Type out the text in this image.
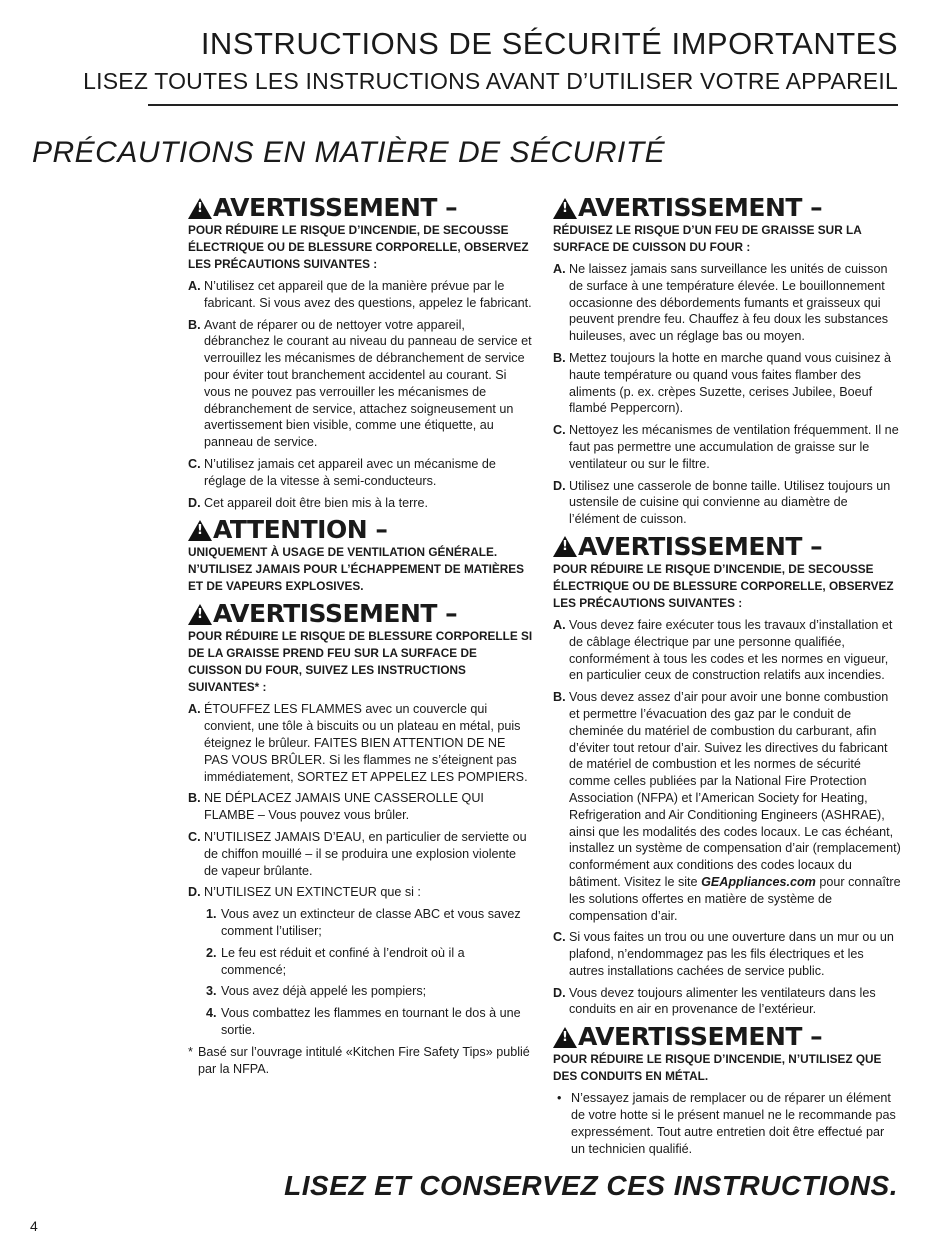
INSTRUCTIONS DE SÉCURITÉ IMPORTANTES
LISEZ TOUTES LES INSTRUCTIONS AVANT D’UTILISER VOTRE APPAREIL
PRÉCAUTIONS EN MATIÈRE DE SÉCURITÉ
!
AVERTISSEMENT –
POUR RÉDUIRE LE RISQUE D’INCENDIE, DE SECOUSSE ÉLECTRIQUE OU DE BLESSURE CORPORELLE, OBSERVEZ LES PRÉCAUTIONS SUIVANTES :
A. N’utilisez cet appareil que de la manière prévue par le fabricant. Si vous avez des questions, appelez le fabricant.
B. Avant de réparer ou de nettoyer votre appareil, débranchez le courant au niveau du panneau de service et verrouillez les mécanismes de débranchement de service pour éviter tout branchement accidentel au courant. Si vous ne pouvez pas verrouiller les mécanismes de débranchement de service, attachez soigneusement un avertissement bien visible, comme une étiquette, au panneau de service.
C. N’utilisez jamais cet appareil avec un mécanisme de réglage de la vitesse à semi-conducteurs.
D. Cet appareil doit être bien mis à la terre.
!
ATTENTION –
UNIQUEMENT À USAGE DE VENTILATION GÉNÉRALE. N’UTILISEZ JAMAIS POUR L’ÉCHAPPEMENT DE MATIÈRES ET DE VAPEURS EXPLOSIVES.
!
AVERTISSEMENT –
POUR RÉDUIRE LE RISQUE DE BLESSURE CORPORELLE SI DE LA GRAISSE PREND FEU SUR LA SURFACE DE CUISSON DU FOUR, SUIVEZ LES INSTRUCTIONS SUIVANTES* :
A. ÉTOUFFEZ LES FLAMMES avec un couvercle qui convient, une tôle à biscuits ou un plateau en métal, puis éteignez le brûleur. FAITES BIEN ATTENTION DE NE PAS VOUS BRÛLER. Si les flammes ne s’éteignent pas immédiatement, SORTEZ ET APPELEZ LES POMPIERS.
B. NE DÉPLACEZ JAMAIS UNE CASSEROLLE QUI FLAMBE – Vous pouvez vous brûler.
C. N’UTILISEZ JAMAIS D’EAU, en particulier de serviette ou de chiffon mouillé – il se produira une explosion violente de vapeur brûlante.
D. N’UTILISEZ UN EXTINCTEUR que si :
1. Vous avez un extincteur de classe ABC et vous savez comment l’utiliser;
2. Le feu est réduit et confiné à l’endroit où il a commencé;
3. Vous avez déjà appelé les pompiers;
4. Vous combattez les flammes en tournant le dos à une sortie.
* Basé sur l’ouvrage intitulé «Kitchen Fire Safety Tips» publié par la NFPA.
!
AVERTISSEMENT –
RÉDUISEZ LE RISQUE D’UN FEU DE GRAISSE SUR LA SURFACE DE CUISSON DU FOUR :
A. Ne laissez jamais sans surveillance les unités de cuisson de surface à une température élevée. Le bouillonnement occasionne des débordements fumants et graisseux qui peuvent prendre feu. Chauffez à feu doux les substances huileuses, avec un réglage bas ou moyen.
B. Mettez toujours la hotte en marche quand vous cuisinez à haute température ou quand vous faites flamber des aliments (p. ex. crèpes Suzette, cerises Jubilee, Boeuf flambé Peppercorn).
C. Nettoyez les mécanismes de ventilation fréquemment. Il ne faut pas permettre une accumulation de graisse sur le ventilateur ou sur le filtre.
D. Utilisez une casserole de bonne taille. Utilisez toujours un ustensile de cuisine qui convienne au diamètre de l’élément de cuisson.
!
AVERTISSEMENT –
POUR RÉDUIRE LE RISQUE D’INCENDIE, DE SECOUSSE ÉLECTRIQUE OU DE BLESSURE CORPORELLE, OBSERVEZ LES PRÉCAUTIONS SUIVANTES :
A. Vous devez faire exécuter tous les travaux d’installation et de câblage électrique par une personne qualifiée, conformément à tous les codes et les normes en vigueur, en particulier ceux de construction relatifs aux incendies.
B. Vous devez assez d’air pour avoir une bonne combustion et permettre l’évacuation des gaz par le conduit de cheminée du matériel de combustion du carburant, afin d’éviter tout retour d’air. Suivez les directives du fabricant de matériel de combustion et les normes de sécurité comme celles publiées par la National Fire Protection Association (NFPA) et l’American Society for Heating, Refrigeration and Air Conditioning Engineers (ASHRAE), ainsi que les modalités des codes locaux. Le cas échéant, installez un système de compensation d’air (remplacement) conformément aux conditions des codes locaux du bâtiment. Visitez le site GEAppliances.com pour connaître les solutions offertes en matière de système de compensation d’air.
C. Si vous faites un trou ou une ouverture dans un mur ou un plafond, n’endommagez pas les fils électriques et les autres installations cachées de service public.
D. Vous devez toujours alimenter les ventilateurs dans les conduits en air en provenance de l’extérieur.
!
AVERTISSEMENT –
POUR RÉDUIRE LE RISQUE D’INCENDIE, N’UTILISEZ QUE DES CONDUITS EN MÉTAL.
• N’essayez jamais de remplacer ou de réparer un élément de votre hotte si le présent manuel ne le recommande pas expressément. Tout autre entretien doit être effectué par un technicien qualifié.
LISEZ ET CONSERVEZ CES INSTRUCTIONS.
4
